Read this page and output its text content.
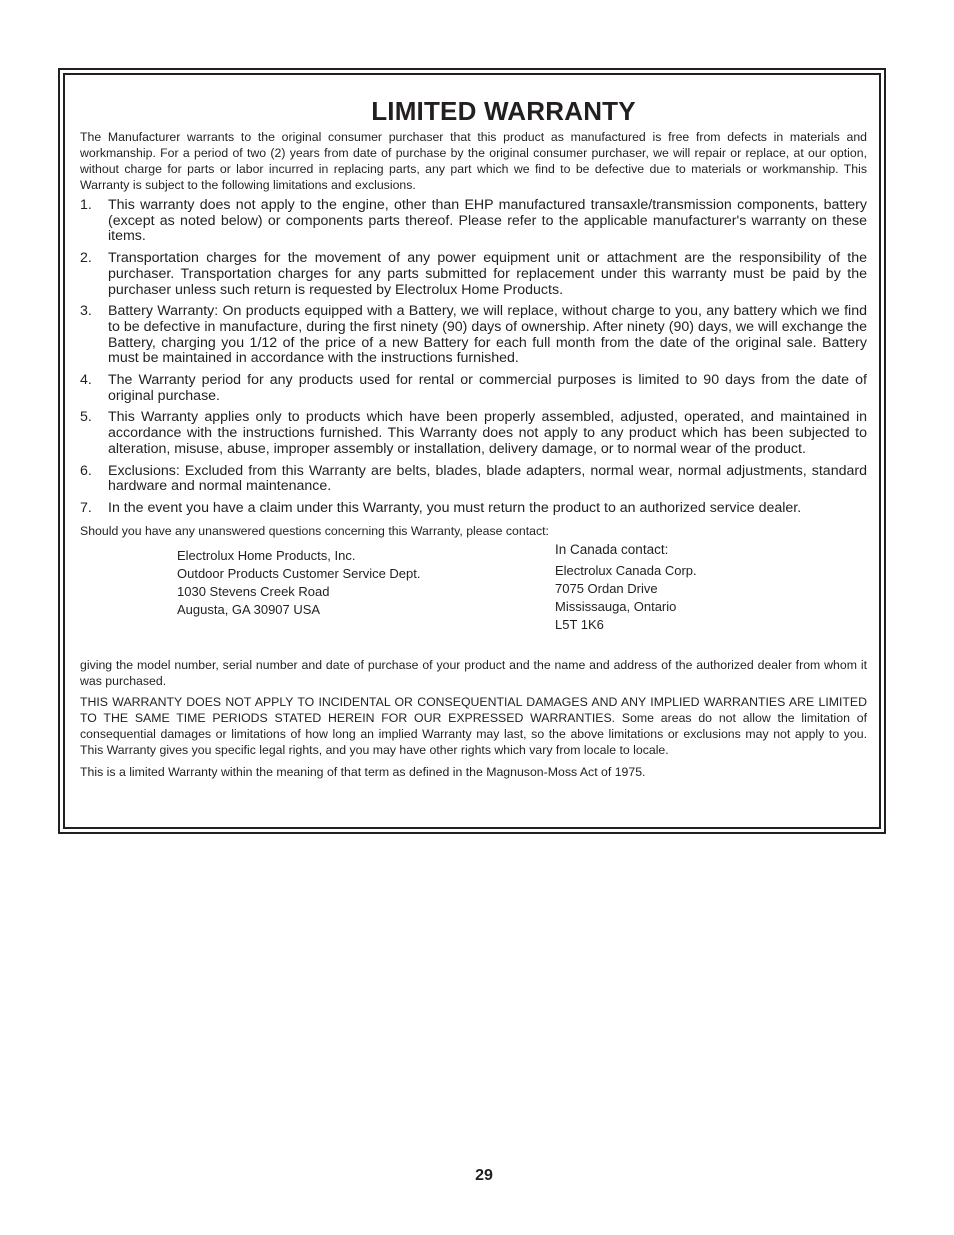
LIMITED WARRANTY

The Manufacturer warrants to the original consumer purchaser that this product as manufactured is free from defects in materials and workmanship. For a period of two (2) years from date of purchase by the original consumer purchaser, we will repair or replace, at our option, without charge for parts or labor incurred in replacing parts, any part which we find to be defective due to materials or workmanship. This Warranty is subject to the following limitations and exclusions.

1. This warranty does not apply to the engine, other than EHP manufactured transaxle/transmission components, battery (except as noted below) or components parts thereof. Please refer to the applicable manufacturer's warranty on these items.
2. Transportation charges for the movement of any power equipment unit or attachment are the responsibility of the purchaser. Transportation charges for any parts submitted for replacement under this warranty must be paid by the purchaser unless such return is requested by Electrolux Home Products.
3. Battery Warranty: On products equipped with a Battery, we will replace, without charge to you, any battery which we find to be defective in manufacture, during the first ninety (90) days of ownership. After ninety (90) days, we will exchange the Battery, charging you 1/12 of the price of a new Battery for each full month from the date of the original sale. Battery must be maintained in accordance with the instructions furnished.
4. The Warranty period for any products used for rental or commercial purposes is limited to 90 days from the date of original purchase.
5. This Warranty applies only to products which have been properly assembled, adjusted, operated, and maintained in accordance with the instructions furnished. This Warranty does not apply to any product which has been subjected to alteration, misuse, abuse, improper assembly or installation, delivery damage, or to normal wear of the product.
6. Exclusions: Excluded from this Warranty are belts, blades, blade adapters, normal wear, normal adjustments, standard hardware and normal maintenance.
7. In the event you have a claim under this Warranty, you must return the product to an authorized service dealer.

Should you have any unanswered questions concerning this Warranty, please contact:

Electrolux Home Products, Inc.
Outdoor Products Customer Service Dept.
1030 Stevens Creek Road
Augusta, GA 30907 USA
In Canada contact:
Electrolux Canada Corp.
7075 Ordan Drive
Mississauga, Ontario
L5T 1K6

giving the model number, serial number and date of purchase of your product and the name and address of the authorized dealer from whom it was purchased.

THIS WARRANTY DOES NOT APPLY TO INCIDENTAL OR CONSEQUENTIAL DAMAGES AND ANY IMPLIED WARRANTIES ARE LIMITED TO THE SAME TIME PERIODS STATED HEREIN FOR OUR EXPRESSED WARRANTIES. Some areas do not allow the limitation of consequential damages or limitations of how long an implied Warranty may last, so the above limitations or exclusions may not apply to you. This Warranty gives you specific legal rights, and you may have other rights which vary from locale to locale.

This is a limited Warranty within the meaning of that term as defined in the Magnuson-Moss Act of 1975.

29
